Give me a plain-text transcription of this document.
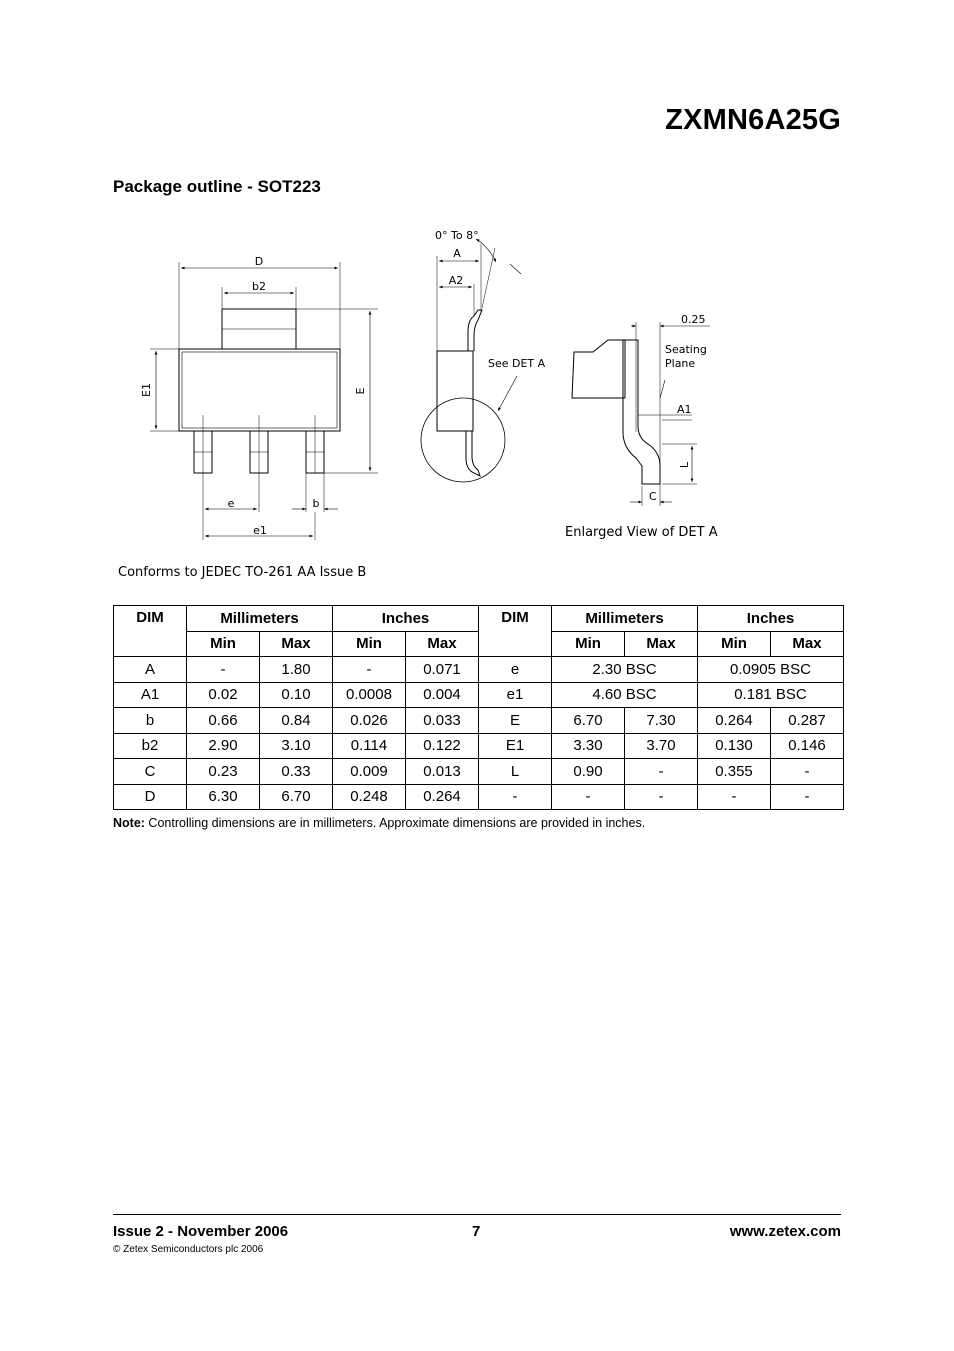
ZXMN6A25G
Package outline - SOT223
D
b2
E1	E
e	b
e1
0° To 8°
A
A2
See DET A
0.25
Seating
Plane
A1
L
C
Enlarged View of DET A
Conforms to JEDEC TO-261 AA Issue B
DIM	Millimeters		Inches		DIM	Millimeters		Inches	
	Min	Max	Min	Max		Min	Max	Min	Max
A	-	1.80	-	0.071	e	2.30 BSC		0.0905 BSC	
A1	0.02	0.10	0.0008	0.004	e1	4.60 BSC		0.181 BSC	
b	0.66	0.84	0.026	0.033	E	6.70	7.30	0.264	0.287
b2	2.90	3.10	0.114	0.122	E1	3.30	3.70	0.130	0.146
C	0.23	0.33	0.009	0.013	L	0.90	-	0.355	-
D	6.30	6.70	0.248	0.264	-	-	-	-	-
Note: Controlling dimensions are in millimeters. Approximate dimensions are provided in inches.
Issue 2 - November 2006	7	www.zetex.com
© Zetex Semiconductors plc 2006
